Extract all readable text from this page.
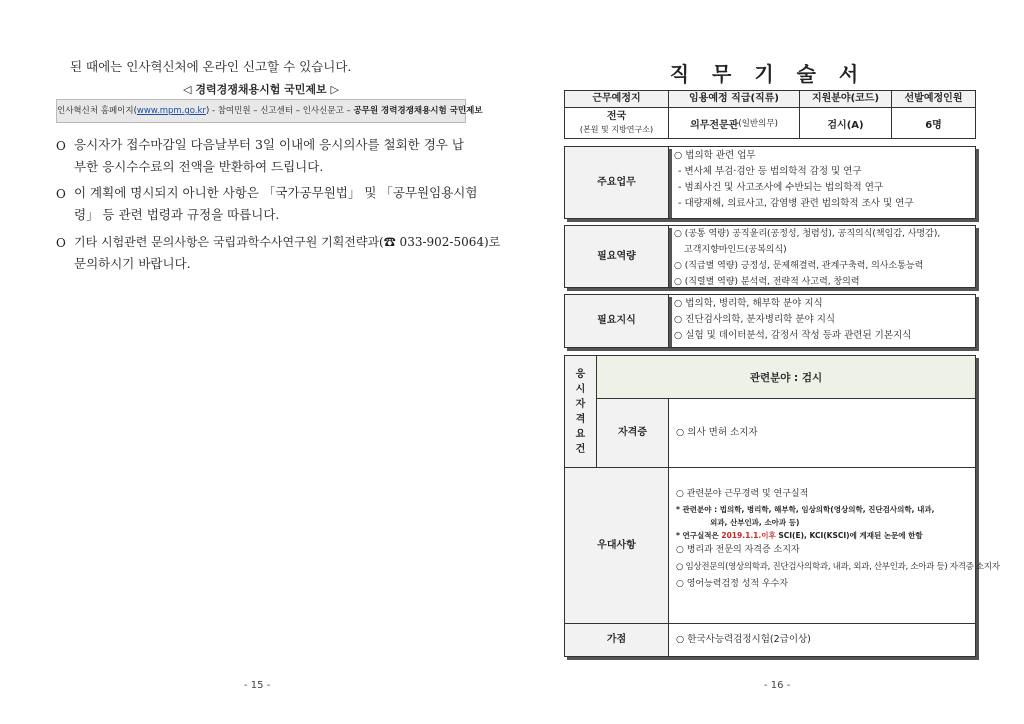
된 때에는 인사혁신처에 온라인 신고할 수 있습니다.
◁ 경력경쟁채용시험 국민제보 ▷
인사혁신처 홈페이지(www.mpm.go.kr) - 참여민원 – 신고센터 – 인사신문고 – 공무원 경력경쟁채용시험 국민제보
O 응시자가 접수마감일 다음날부터 3일 이내에 응시의사를 철회한 경우 납
부한 응시수수료의 전액을 반환하여 드립니다.
O 이 계획에 명시되지 아니한 사항은 「국가공무원법」 및 「공무원임용시험
령」 등 관련 법령과 규정을 따릅니다.
O 기타 시험관련 문의사항은 국립과학수사연구원 기획전략과(☎ 033-902-5064)로
문의하시기 바랍니다.
- 15 -
직 무 기 술 서
근무예정지	임용예정 직급(직류)	지원분야(코드)	선발예정인원
전국
(본원 및 지방연구소)	의무전문관 (일반의무)	검시(A)	6명
주요업무
○ 법의학 관련 업무
- 변사체 부검·검안 등 법의학적 감정 및 연구
- 범죄사건 및 사고조사에 수반되는 법의학적 연구
- 대량재해, 의료사고, 감염병 관련 법의학적 조사 및 연구
필요역량
○ (공통 역량) 공직윤리(공정성, 청렴성), 공직의식(책임감, 사명감),
고객지향마인드(공복의식)
○ (직급별 역량) 긍정성, 문제해결력, 관계구축력, 의사소통능력
○ (직렬별 역량) 분석력, 전략적 사고력, 창의력
필요지식
○ 법의학, 병리학, 해부학 분야 지식
○ 진단검사의학, 분자병리학 분야 지식
○ 실험 및 데이터분석, 감정서 작성 등과 관련된 기본지식
응
시
자
격
요
건
관련분야 : 검시
자격증	○ 의사 면허 소지자
우대사항
○ 관련분야 근무경력 및 연구실적
* 관련분야 : 법의학, 병리학, 해부학, 임상의학(영상의학, 진단검사의학, 내과,
외과, 산부인과, 소아과 등)
* 연구실적은 2019.1.1.이후 SCI(E), KCI(KSCI)에 게재된 논문에 한함
○ 병리과 전문의 자격증 소지자
○ 임상전문의(영상의학과, 진단검사의학과, 내과, 외과, 산부인과, 소아과 등) 자격증 소지자
○ 영어능력검정 성적 우수자
가점	○ 한국사능력검정시험(2급이상)
- 16 -
